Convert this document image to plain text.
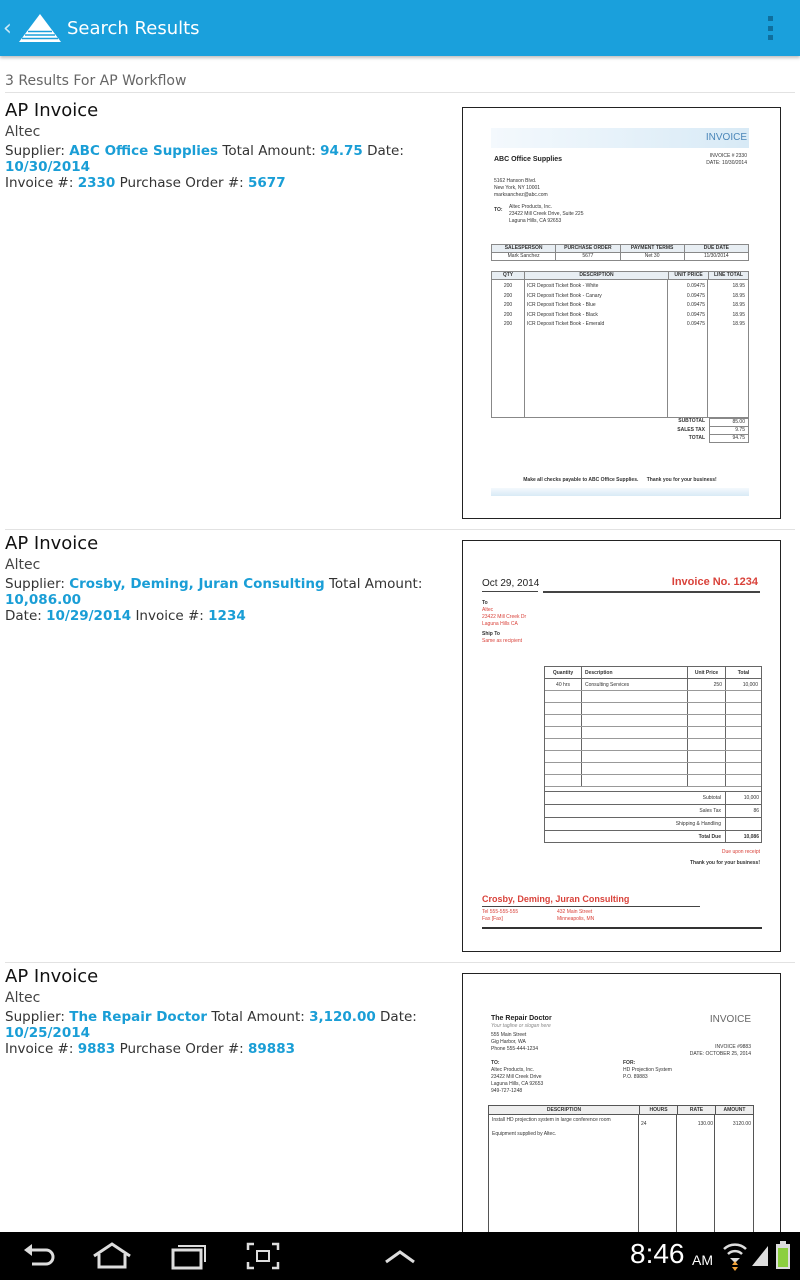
‹	Search Results
3 Results For AP Workflow
AP Invoice
Altec
Supplier: ABC Office Supplies Total Amount: 94.75 Date: 10/30/2014
Invoice #: 2330 Purchase Order #: 5677
INVOICE
ABC Office Supplies	INVOICE # 2330
DATE: 10/30/2014
5162 Hanson Blvd.
New York, NY 10001
marksanchez@abc.com
TO: Altec Products, Inc.
23422 Mill Creek Drive, Suite 225
Laguna Hills, CA 92653
SALESPERSON	PURCHASE ORDER	PAYMENT TERMS	DUE DATE
Mark Sanchez	5677	Net 30	11/30/2014
QTY	DESCRIPTION	UNIT PRICE	LINE TOTAL
200	ICR Deposit Ticket Book - White	0.09475	18.95
200	ICR Deposit Ticket Book - Canary	0.09475	18.95
200	ICR Deposit Ticket Book - Blue	0.09475	18.95
200	ICR Deposit Ticket Book - Black	0.09475	18.95
200	ICR Deposit Ticket Book - Emerald	0.09475	18.95
SUBTOTAL	85.00
SALES TAX	9.75
TOTAL	94.75
Make all checks payable to ABC Office Supplies.      Thank you for your business!
AP Invoice
Altec
Supplier: Crosby, Deming, Juran Consulting Total Amount: 10,086.00
Date: 10/29/2014 Invoice #: 1234
Oct 29, 2014	Invoice No. 1234
To
Altec
23422 Mill Creek Dr
Laguna Hills CA
Ship To
Same as recipient
Quantity	Description	Unit Price	Total
40 hrs	Consulting Services	250	10,000
Subtotal	10,000
Sales Tax	86
Shipping & Handling
Total Due	10,086
Due upon receipt
Thank you for your business!
Crosby, Deming, Juran Consulting
Tel 555-555-555
Fax [Fax]
432 Main Street
Minneapolis, MN
AP Invoice
Altec
Supplier: The Repair Doctor Total Amount: 3,120.00 Date: 10/25/2014
Invoice #: 9883 Purchase Order #: 89883
The Repair Doctor
Your tagline or slogan here
INVOICE
555 Main Street
Gig Harbor, WA
Phone 555-444-1234	INVOICE #9883
DATE: OCTOBER 25, 2014
TO:
Altec Products, Inc.
23422 Mill Creek Drive
Laguna Hills, CA 92653
949-727-1248
FOR:
HD Projection System
P.O. 89883
DESCRIPTION	HOURS	RATE	AMOUNT
Install HD projection system in large conference room
24	130.00	3120.00
Equipment supplied by Altec.
8:46 AM
